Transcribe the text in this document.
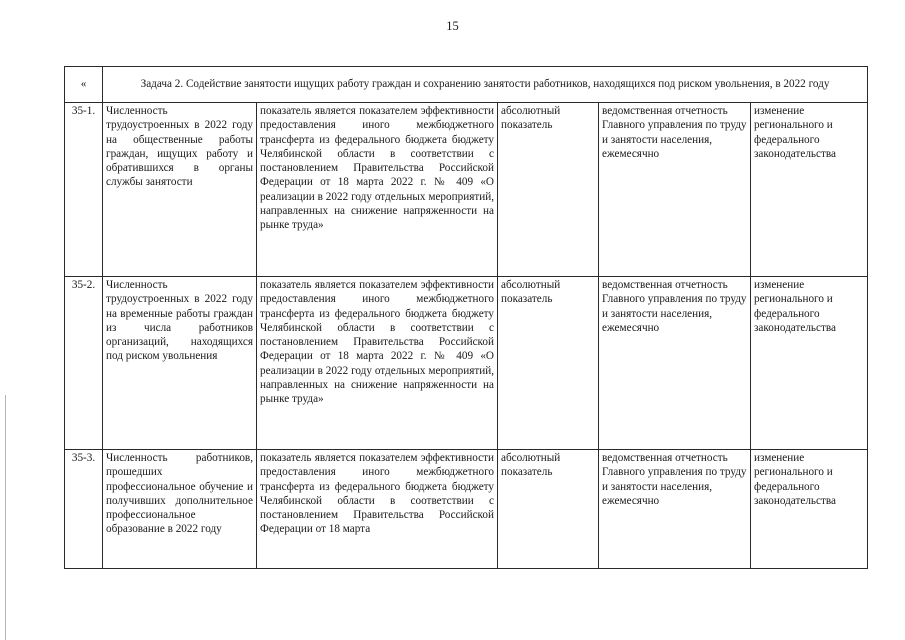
15
«	Задача 2. Содействие занятости ищущих работу граждан и сохранению занятости работников, находящихся под риском увольнения, в 2022 году				
35-1.	Численность трудоустроенных в 2022 году на общественные работы граждан, ищущих работу и обратившихся в органы службы занятости	показатель является показателем эффективности предоставления иного межбюджетного трансферта из федерального бюджета бюджету Челябинской области в соответствии с постановлением Правительства Российской Федерации от 18 марта 2022 г. № 409 «О реализации в 2022 году отдельных мероприятий, направленных на снижение напряженности на рынке труда»	абсолютный показатель	ведомственная отчетность Главного управления по труду и занятости населения, ежемесячно	изменение регионального и федерального законодательства
35-2.	Численность трудоустроенных в 2022 году на временные работы граждан из числа работников организаций, находящихся под риском увольнения	показатель является показателем эффективности предоставления иного межбюджетного трансферта из федерального бюджета бюджету Челябинской области в соответствии с постановлением Правительства Российской Федерации от 18 марта 2022 г. № 409 «О реализации в 2022 году отдельных мероприятий, направленных на снижение напряженности на рынке труда»	абсолютный показатель	ведомственная отчетность Главного управления по труду и занятости населения, ежемесячно	изменение регионального и федерального законодательства
35-3.	Численность работников, прошедших профессиональное обучение и получивших дополнительное профессиональное образование в 2022 году	показатель является показателем эффективности предоставления иного межбюджетного трансферта из федерального бюджета бюджету Челябинской области в соответствии с постановлением Правительства Российской Федерации от 18 марта	абсолютный показатель	ведомственная отчетность Главного управления по труду и занятости населения, ежемесячно	изменение регионального и федерального законодательства
